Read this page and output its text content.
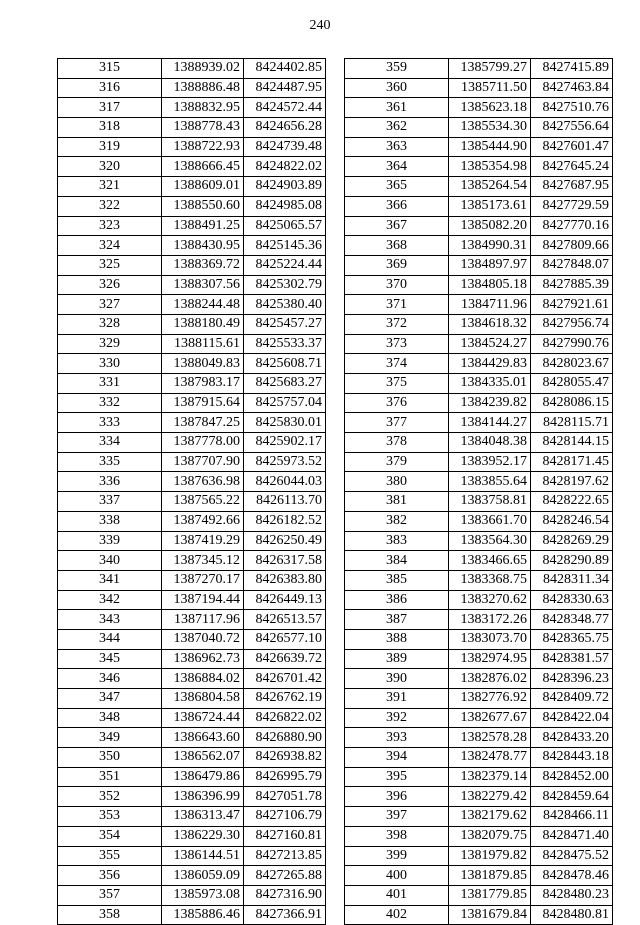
240
315	1388939.02	8424402.85
316	1388886.48	8424487.95
317	1388832.95	8424572.44
318	1388778.43	8424656.28
319	1388722.93	8424739.48
320	1388666.45	8424822.02
321	1388609.01	8424903.89
322	1388550.60	8424985.08
323	1388491.25	8425065.57
324	1388430.95	8425145.36
325	1388369.72	8425224.44
326	1388307.56	8425302.79
327	1388244.48	8425380.40
328	1388180.49	8425457.27
329	1388115.61	8425533.37
330	1388049.83	8425608.71
331	1387983.17	8425683.27
332	1387915.64	8425757.04
333	1387847.25	8425830.01
334	1387778.00	8425902.17
335	1387707.90	8425973.52
336	1387636.98	8426044.03
337	1387565.22	8426113.70
338	1387492.66	8426182.52
339	1387419.29	8426250.49
340	1387345.12	8426317.58
341	1387270.17	8426383.80
342	1387194.44	8426449.13
343	1387117.96	8426513.57
344	1387040.72	8426577.10
345	1386962.73	8426639.72
346	1386884.02	8426701.42
347	1386804.58	8426762.19
348	1386724.44	8426822.02
349	1386643.60	8426880.90
350	1386562.07	8426938.82
351	1386479.86	8426995.79
352	1386396.99	8427051.78
353	1386313.47	8427106.79
354	1386229.30	8427160.81
355	1386144.51	8427213.85
356	1386059.09	8427265.88
357	1385973.08	8427316.90
358	1385886.46	8427366.91
359	1385799.27	8427415.89
360	1385711.50	8427463.84
361	1385623.18	8427510.76
362	1385534.30	8427556.64
363	1385444.90	8427601.47
364	1385354.98	8427645.24
365	1385264.54	8427687.95
366	1385173.61	8427729.59
367	1385082.20	8427770.16
368	1384990.31	8427809.66
369	1384897.97	8427848.07
370	1384805.18	8427885.39
371	1384711.96	8427921.61
372	1384618.32	8427956.74
373	1384524.27	8427990.76
374	1384429.83	8428023.67
375	1384335.01	8428055.47
376	1384239.82	8428086.15
377	1384144.27	8428115.71
378	1384048.38	8428144.15
379	1383952.17	8428171.45
380	1383855.64	8428197.62
381	1383758.81	8428222.65
382	1383661.70	8428246.54
383	1383564.30	8428269.29
384	1383466.65	8428290.89
385	1383368.75	8428311.34
386	1383270.62	8428330.63
387	1383172.26	8428348.77
388	1383073.70	8428365.75
389	1382974.95	8428381.57
390	1382876.02	8428396.23
391	1382776.92	8428409.72
392	1382677.67	8428422.04
393	1382578.28	8428433.20
394	1382478.77	8428443.18
395	1382379.14	8428452.00
396	1382279.42	8428459.64
397	1382179.62	8428466.11
398	1382079.75	8428471.40
399	1381979.82	8428475.52
400	1381879.85	8428478.46
401	1381779.85	8428480.23
402	1381679.84	8428480.81
